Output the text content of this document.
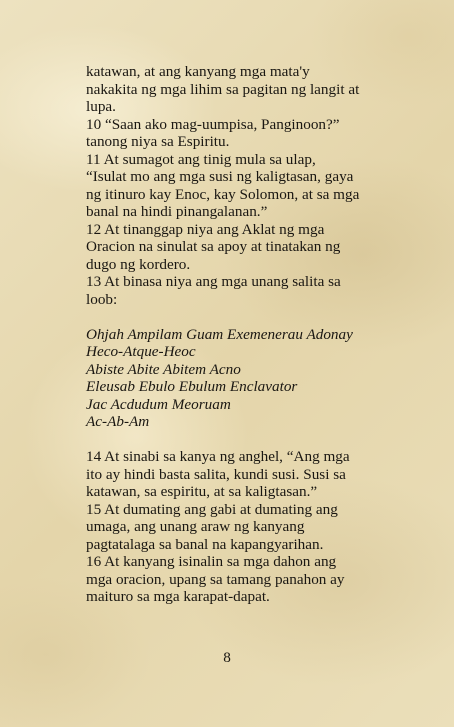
katawan, at ang kanyang mga mata'y
nakakita ng mga lihim sa pagitan ng langit at
lupa.

10 “Saan ako mag-uumpisa, Panginoon?”
tanong niya sa Espiritu.

11 At sumagot ang tinig mula sa ulap,
“Isulat mo ang mga susi ng kaligtasan, gaya
ng itinuro kay Enoc, kay Solomon, at sa mga
banal na hindi pinangalanan.”

12 At tinanggap niya ang Aklat ng mga
Oracion na sinulat sa apoy at tinatakan ng
dugo ng kordero.

13 At binasa niya ang mga unang salita sa
loob:

Ohjah Ampilam Guam Exemenerau Adonay
Heco-Atque-Heoc
Abiste Abite Abitem Acno
Eleusab Ebulo Ebulum Enclavator
Jac Acdudum Meoruam
Ac-Ab-Am

14 At sinabi sa kanya ng anghel, “Ang mga
ito ay hindi basta salita, kundi susi. Susi sa
katawan, sa espiritu, at sa kaligtasan.”

15 At dumating ang gabi at dumating ang
umaga, ang unang araw ng kanyang
pagtatalaga sa banal na kapangyarihan.

16 At kanyang isinalin sa mga dahon ang
mga oracion, upang sa tamang panahon ay
maituro sa mga karapat-dapat.

8
